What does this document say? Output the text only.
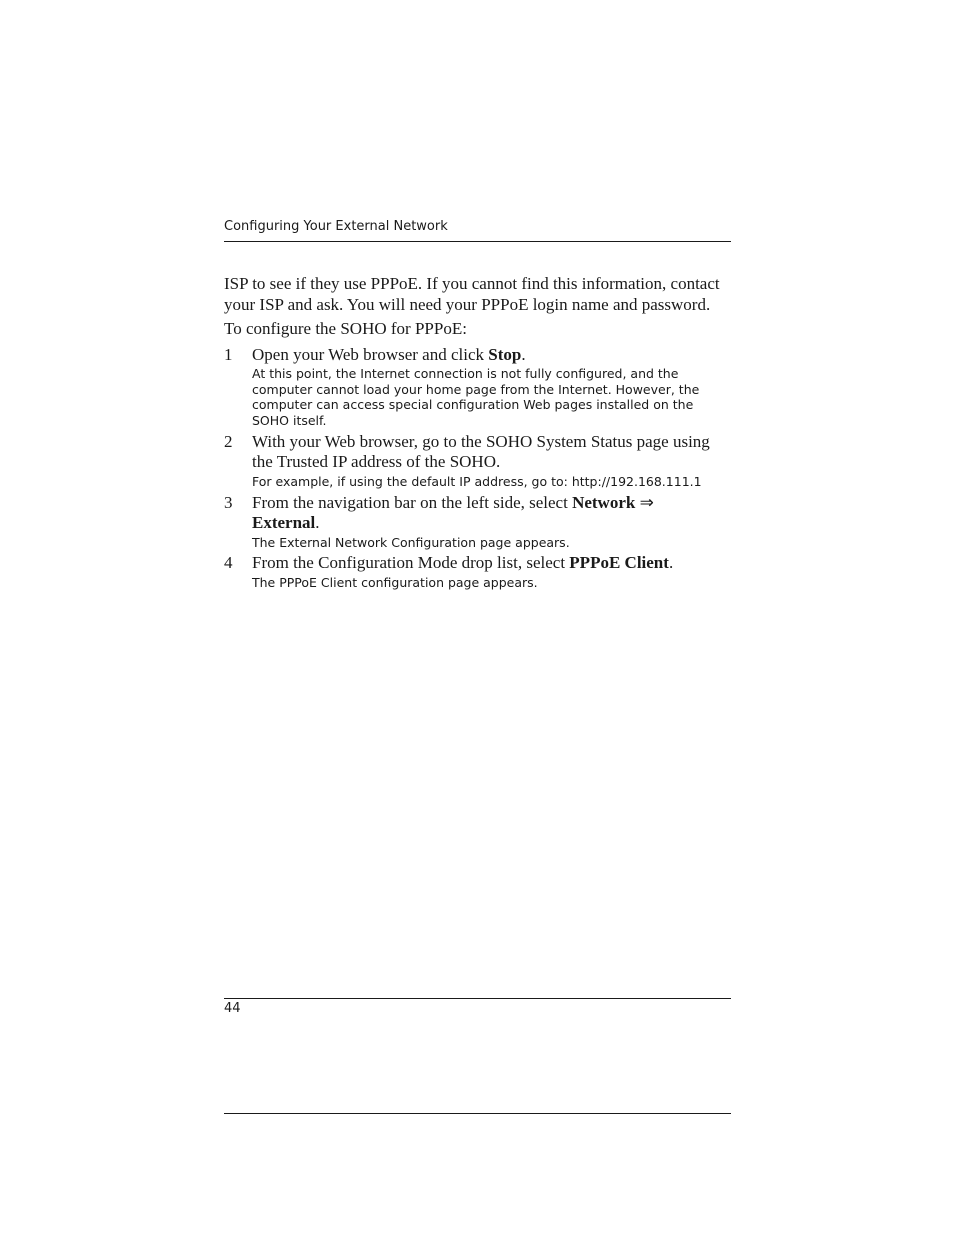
Configuring Your External Network

ISP to see if they use PPPoE. If you cannot find this information, contact your ISP and ask. You will need your PPPoE login name and password.

To configure the SOHO for PPPoE:

1	Open your Web browser and click Stop.
At this point, the Internet connection is not fully configured, and the computer cannot load your home page from the Internet. However, the computer can access special configuration Web pages installed on the SOHO itself.
2	With your Web browser, go to the SOHO System Status page using the Trusted IP address of the SOHO.
For example, if using the default IP address, go to: http://192.168.111.1
3	From the navigation bar on the left side, select Network ⇒ External.
The External Network Configuration page appears.
4	From the Configuration Mode drop list, select PPPoE Client.
The PPPoE Client configuration page appears.
44
